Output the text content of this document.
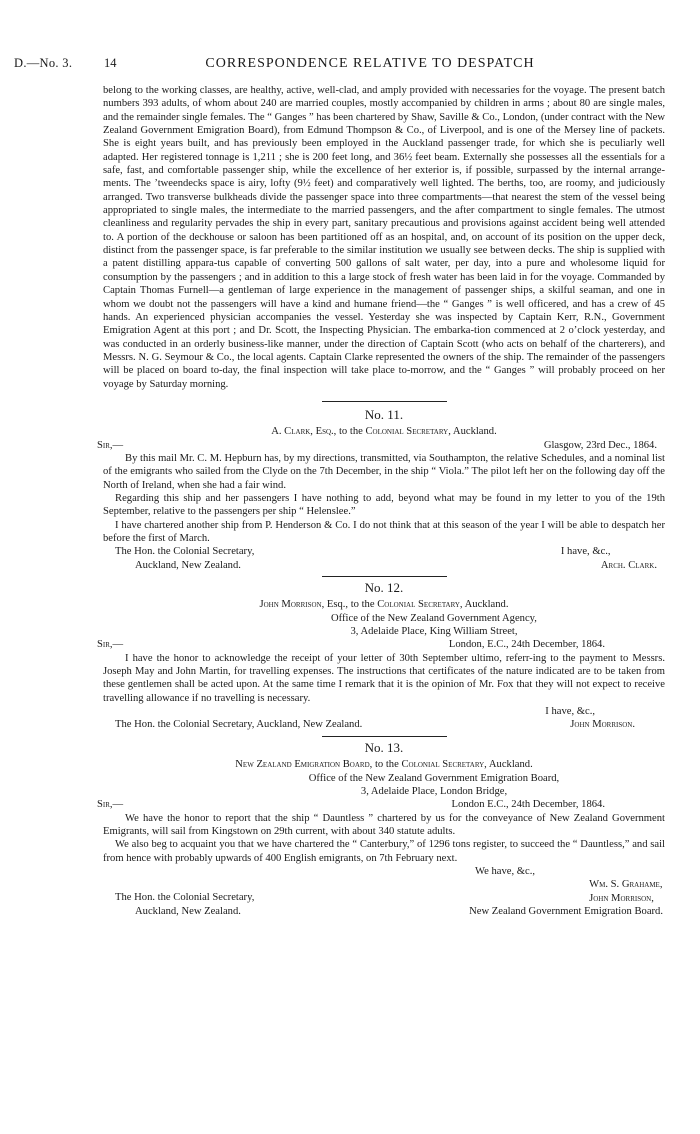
D.—No. 3.	14	CORRESPONDENCE RELATIVE TO DESPATCH

belong to the working classes, are healthy, active, well-clad, and amply provided with necessaries for the voyage. The present batch numbers 393 adults, of whom about 240 are married couples, mostly accompanied by children in arms ; about 80 are single males, and the remainder single females. The “ Ganges ” has been chartered by Shaw, Saville & Co., London, (under contract with the New Zealand Government Emigration Board), from Edmund Thompson & Co., of Liverpool, and is one of the Mersey line of packets. She is eight years built, and has previously been employed in the Auckland passenger trade, for which she is peculiarly well adapted. Her registered tonnage is 1,211 ; she is 200 feet long, and 36½ feet beam. Externally she possesses all the essentials for a safe, fast, and comfortable passenger ship, while the excellence of her exterior is, if possible, surpassed by the internal arrange-ments. The ’tweendecks space is airy, lofty (9½ feet) and comparatively well lighted. The berths, too, are roomy, and judiciously arranged. Two transverse bulkheads divide the passenger space into three compartments—that nearest the stem of the vessel being appropriated to single males, the intermediate to the married passengers, and the after compartment to single females. The utmost cleanliness and regularity pervades the ship in every part, sanitary precautious and provisions against accident being well attended to. A portion of the deckhouse or saloon has been partitioned off as an hospital, and, on account of its position on the upper deck, distinct from the passenger space, is far preferable to the similar institution we usually see between decks. The ship is supplied with a patent distilling appara-tus capable of converting 500 gallons of salt water, per day, into a pure and wholesome liquid for consumption by the passengers ; and in addition to this a large stock of fresh water has been laid in for the voyage. Commanded by Captain Thomas Furnell—a gentleman of large experience in the management of passenger ships, a skilful seaman, and one in whom we doubt not the passengers will have a kind and humane friend—the “ Ganges ” is well officered, and has a crew of 45 hands. An experienced physician accompanies the vessel. Yesterday she was inspected by Captain Kerr, R.N., Government Emigration Agent at this port ; and Dr. Scott, the Inspecting Physician. The embarka-tion commenced at 2 o’clock yesterday, and was conducted in an orderly business-like manner, under the direction of Captain Scott (who acts on behalf of the charterers), and Messrs. N. G. Seymour & Co., the local agents. Captain Clarke represented the owners of the ship. The remainder of the passengers will be placed on board to-day, the final inspection will take place to-morrow, and the “ Ganges ” will probably proceed on her voyage by Saturday morning.

No. 11.
A. Clark, Esq., to the Colonial Secretary, Auckland.
Sir,—	Glasgow, 23rd Dec., 1864.

By this mail Mr. C. M. Hepburn has, by my directions, transmitted, via Southampton, the relative Schedules, and a nominal list of the emigrants who sailed from the Clyde on the 7th December, in the ship “ Viola.” The pilot left her on the following day off the North of Ireland, when she had a fair wind.

Regarding this ship and her passengers I have nothing to add, beyond what may be found in my letter to you of the 19th September, relative to the passengers per ship “ Helenslee.”

I have chartered another ship from P. Henderson & Co. I do not think that at this season of the year I will be able to despatch her before the first of March.

The Hon. the Colonial Secretary,
Auckland, New Zealand.
I have, &c.,
Arch. Clark.
No. 12.
John Morrison, Esq., to the Colonial Secretary, Auckland.
Office of the New Zealand Government Agency,
3, Adelaide Place, King William Street,
Sir,—	London, E.C., 24th December, 1864.

I have the honor to acknowledge the receipt of your letter of 30th September ultimo, referr-ing to the payment to Messrs. Joseph May and John Martin, for travelling expenses. The instructions that certificates of the nature indicated are to be taken from these gentlemen shall be acted upon. At the same time I remark that it is the opinion of Mr. Fox that they will not expect to receive travelling allowance if no travelling is necessary.

I have, &c.,
The Hon. the Colonial Secretary, Auckland, New Zealand.	John Morrison.
No. 13.
New Zealand Emigration Board, to the Colonial Secretary, Auckland.
Office of the New Zealand Government Emigration Board,
3, Adelaide Place, London Bridge,
Sir,—	London E.C., 24th December, 1864.

We have the honor to report that the ship “ Dauntless ” chartered by us for the conveyance of New Zealand Government Emigrants, will sail from Kingstown on 29th current, with about 340 statute adults.

We also beg to acquaint you that we have chartered the “ Canterbury,” of 1296 tons register, to succeed the “ Dauntless,” and sail from hence with probably upwards of 400 English emigrants, on 7th February next.

We have, &c.,
The Hon. the Colonial Secretary,
Auckland, New Zealand.
Wm. S. Grahame,
John Morrison,
New Zealand Government Emigration Board.
